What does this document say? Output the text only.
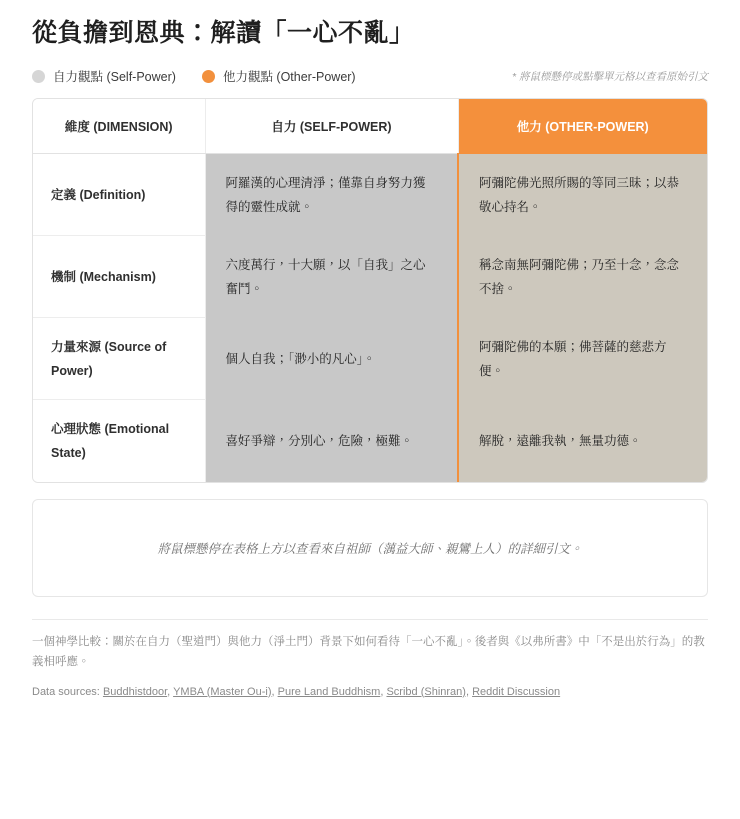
從負擔到恩典：解讀「一心不亂」
自力觀點 (Self-Power)	他力觀點 (Other-Power)	* 將鼠標懸停或點擊單元格以查看原始引文
維度 (DIMENSION)	自力 (SELF-POWER)	他力 (OTHER-POWER)
定義 (Definition)	阿羅漢的心理清淨；僅靠自身努力獲得的靈性成就。	阿彌陀佛光照所賜的等同三昧；以恭敬心持名。
機制 (Mechanism)	六度萬行，十大願，以「自我」之心奮鬥。	稱念南無阿彌陀佛；乃至十念，念念不捨。
力量來源 (Source of Power)	個人自我；「渺小的凡心」。	阿彌陀佛的本願；佛菩薩的慈悲方便。
心理狀態 (Emotional State)	喜好爭辯，分別心，危險，極難。	解脫，遠離我執，無量功德。
將鼠標懸停在表格上方以查看來自祖師（蕅益大師、親鸞上人）的詳細引文。

一個神學比較：關於在自力（聖道門）與他力（淨土門）背景下如何看待「一心不亂」。後者與《以弗所書》中「不是出於行為」的教義相呼應。

Data sources: Buddhistdoor, YMBA (Master Ou-i), Pure Land Buddhism, Scribd (Shinran), Reddit Discussion
